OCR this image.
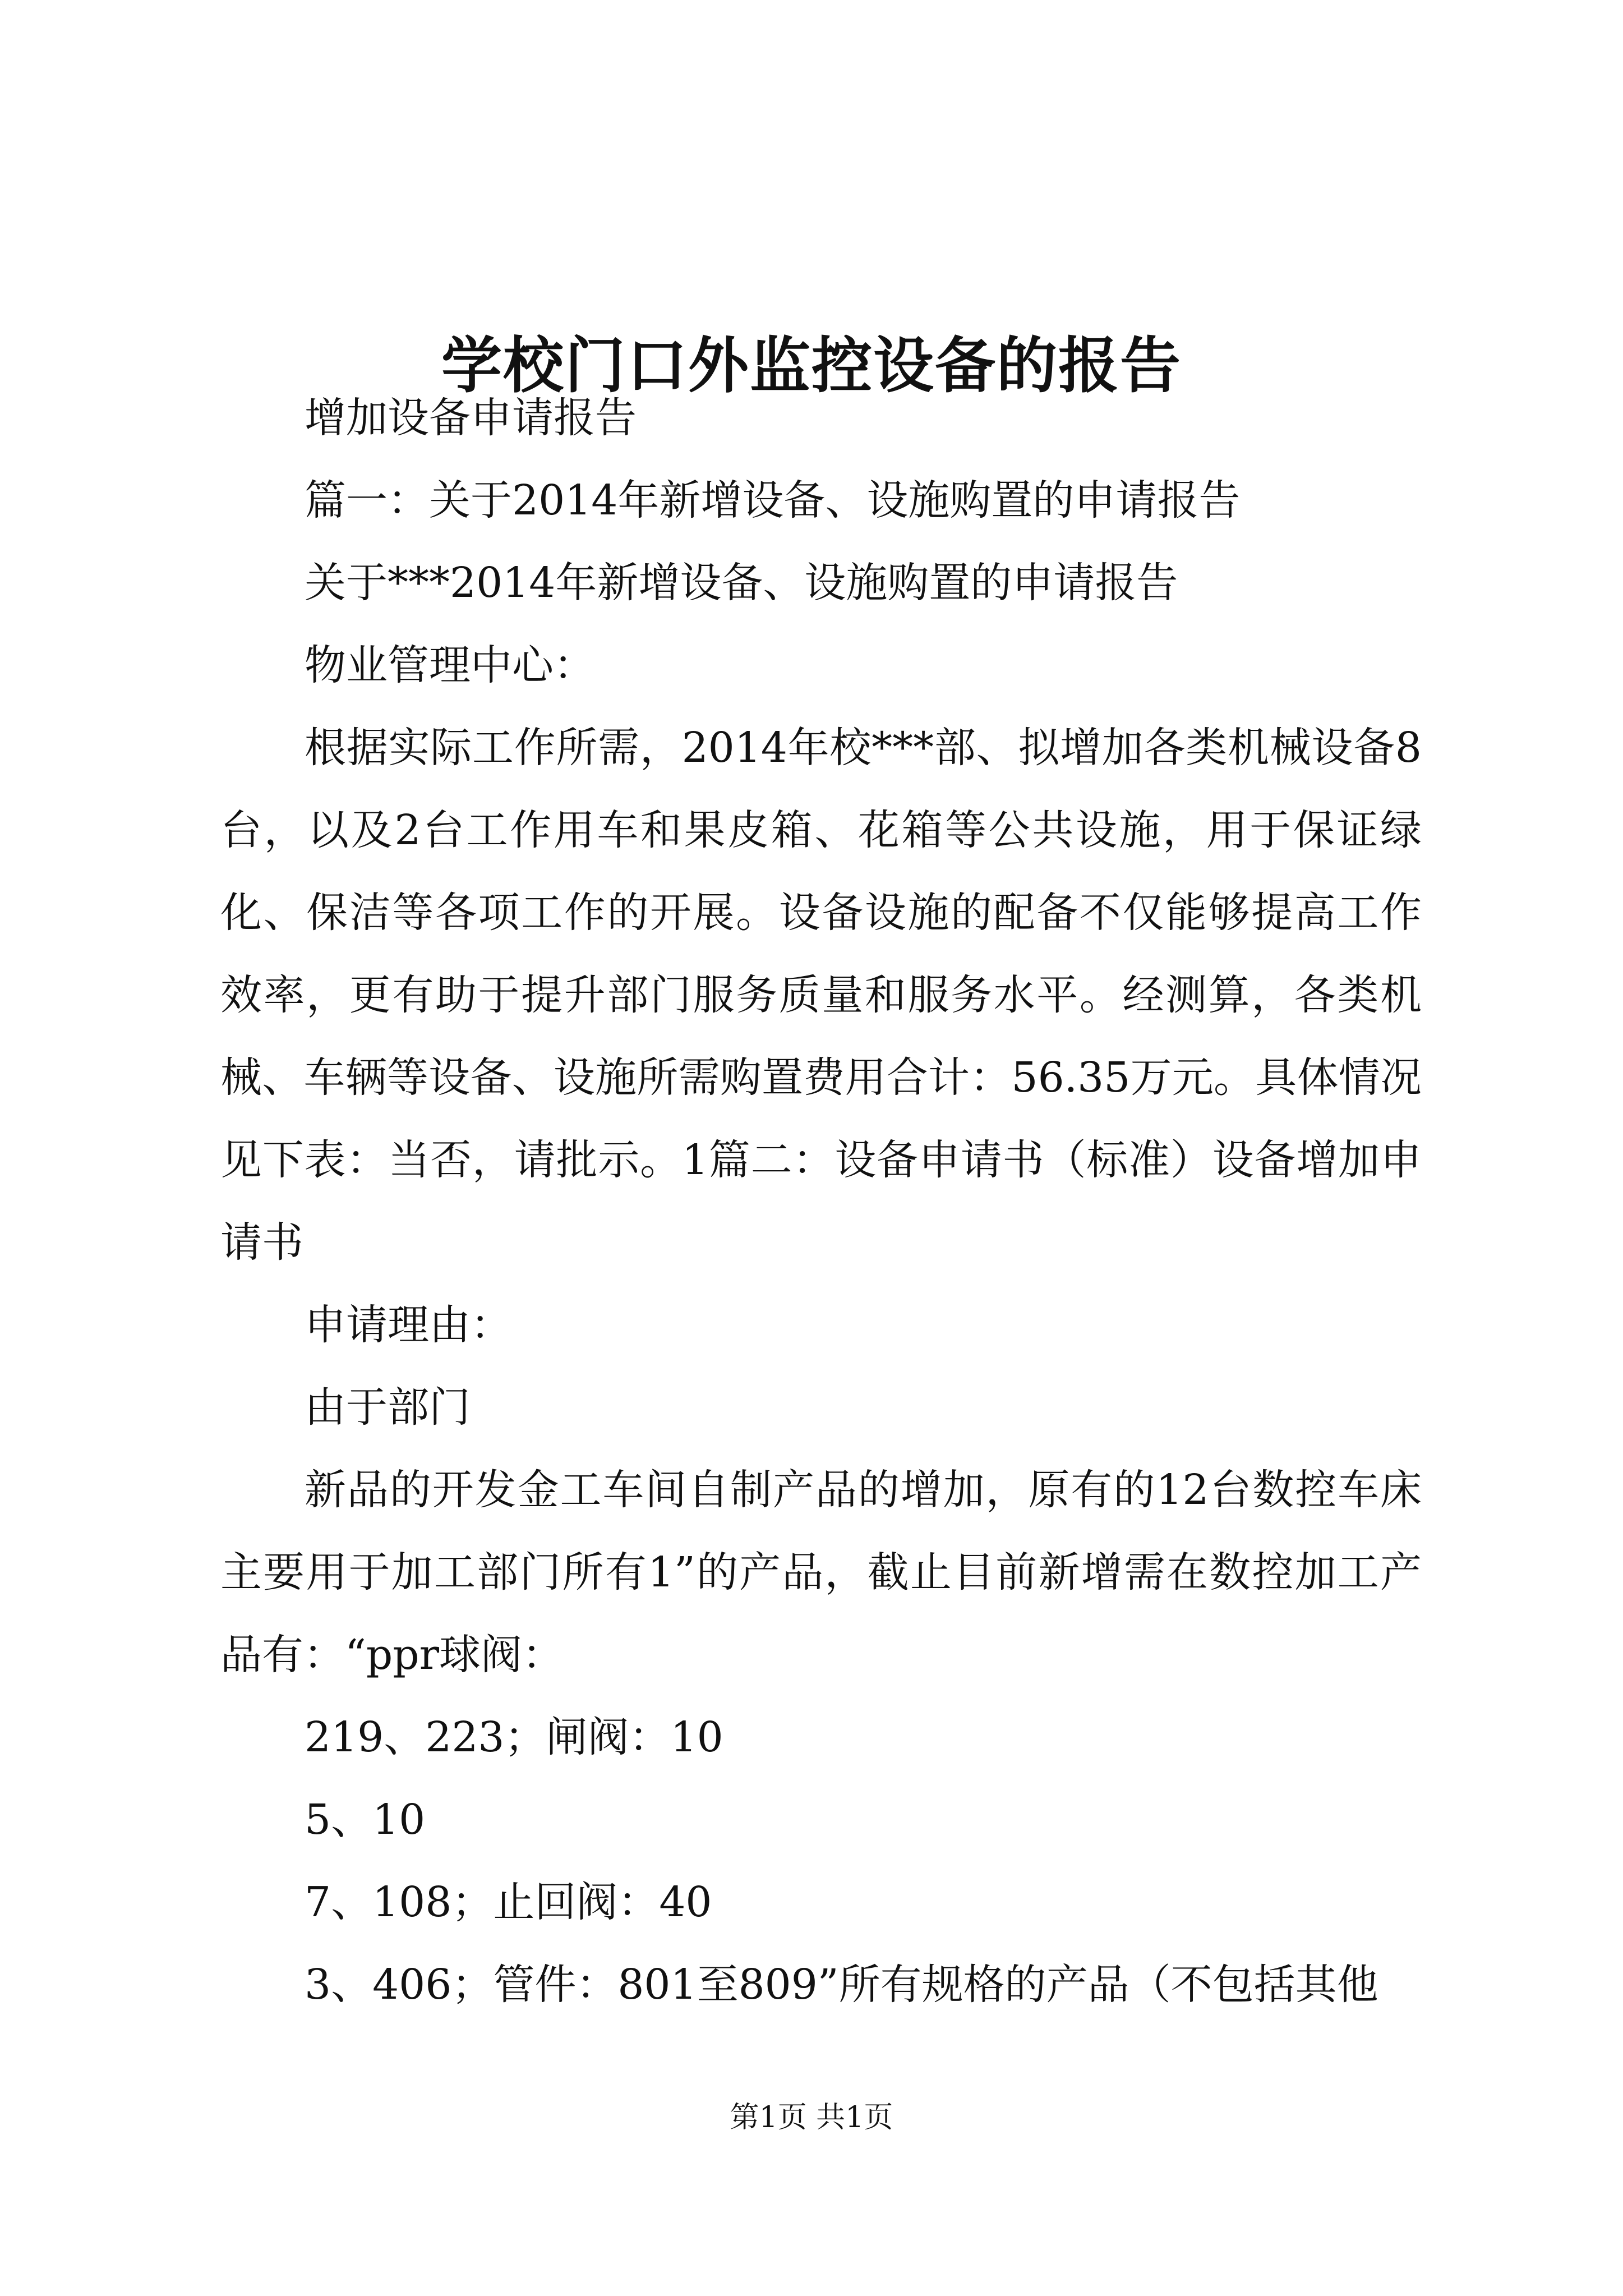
学校门口外监控设备的报告

增加设备申请报告

篇一：关于2014年新增设备、设施购置的申请报告

关于***2014年新增设备、设施购置的申请报告

物业管理中心：

根据实际工作所需，2014年校***部、拟增加各类机械设备8台，以及2台工作用车和果皮箱、花箱等公共设施，用于保证绿化、保洁等各项工作的开展。设备设施的配备不仅能够提高工作效率，更有助于提升部门服务质量和服务水平。经测算，各类机械、车辆等设备、设施所需购置费用合计：56.35万元。具体情况见下表：当否，请批示。1篇二：设备申请书（标准）设备增加申请书

申请理由：

由于部门

新品的开发金工车间自制产品的增加，原有的12台数控车床主要用于加工部门所有1”的产品，截止目前新增需在数控加工产品有：“ppr球阀：

219、223；闸阀：10

5、10

7、108；止回阀：40

3、406；管件：801至809”所有规格的产品（不包括其他

第1页 共1页
